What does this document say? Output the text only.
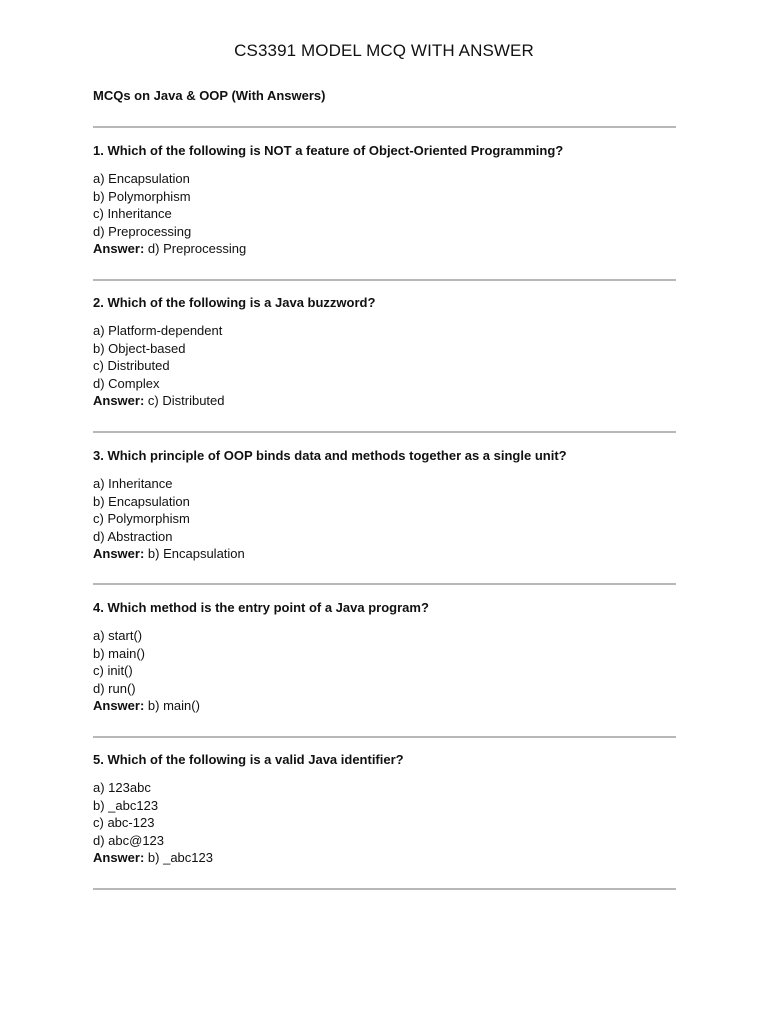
CS3391 MODEL MCQ WITH ANSWER

MCQs on Java & OOP (With Answers)

1. Which of the following is NOT a feature of Object-Oriented Programming?

a) Encapsulation

b) Polymorphism

c) Inheritance

d) Preprocessing

Answer: d) Preprocessing

2. Which of the following is a Java buzzword?

a) Platform-dependent

b) Object-based

c) Distributed

d) Complex

Answer: c) Distributed

3. Which principle of OOP binds data and methods together as a single unit?

a) Inheritance

b) Encapsulation

c) Polymorphism

d) Abstraction

Answer: b) Encapsulation

4. Which method is the entry point of a Java program?

a) start()

b) main()

c) init()

d) run()

Answer: b) main()

5. Which of the following is a valid Java identifier?

a) 123abc

b) _abc123

c) abc-123

d) abc@123

Answer: b) _abc123
